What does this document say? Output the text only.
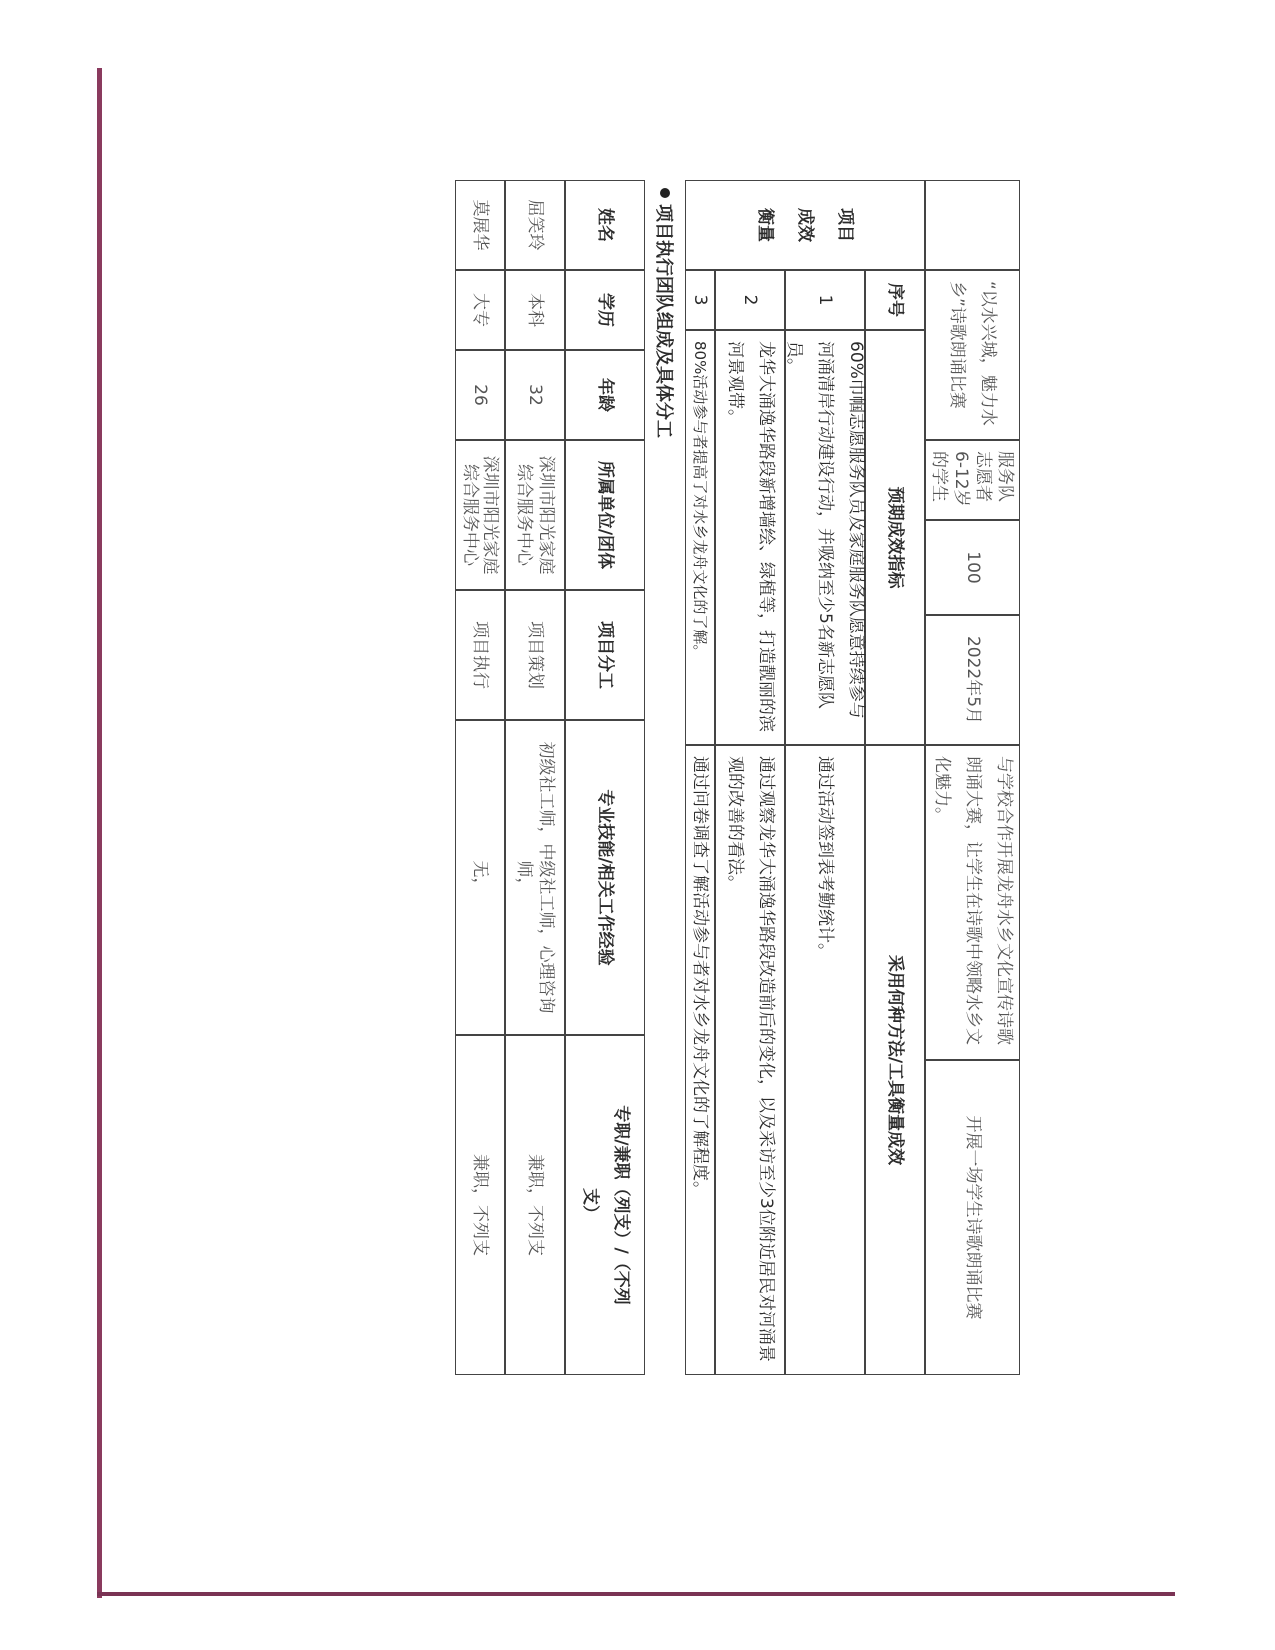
“以水兴城，魅力水乡”诗歌朗诵比赛
服务队志愿者 6-12岁的学生
100
2022年5月
与学校合作开展龙舟水乡文化宣传诗歌朗诵大赛，让学生在诗歌中领略水乡文化魅力。
开展一场学生诗歌朗诵比赛
项目成效衡量
序号
预期成效指标
采用何种方法/工具衡量成效
1
60%巾帼志愿服务队员及家庭服务队愿意持续参与河涌清岸行动建设行动，并吸纳至少5名新志愿队员。
通过活动签到表考勤统计。
2
龙华大涌逸华路段新增墙绘、绿植等，打造靓丽的滨河景观带。
通过观察龙华大涌逸华路段改造前后的变化，以及采访至少3位附近居民对河涌景观的改善的看法。
3
80%活动参与者提高了对水乡龙舟文化的了解。
通过问卷调查了解活动参与者对水乡龙舟文化的了解程度。
项目执行团队组成及具体分工
姓名
学历
年龄
所属单位/团体
项目分工
专业技能/相关工作经验
专职/兼职（列支）/（不列支）
屈笑玲
本科
32
深圳市阳光家庭综合服务中心
项目策划
初级社工师，中级社工师，心理咨询师，
兼职，不列支
莫展华
大专
26
深圳市阳光家庭综合服务中心
项目执行
无，
兼职，不列支
